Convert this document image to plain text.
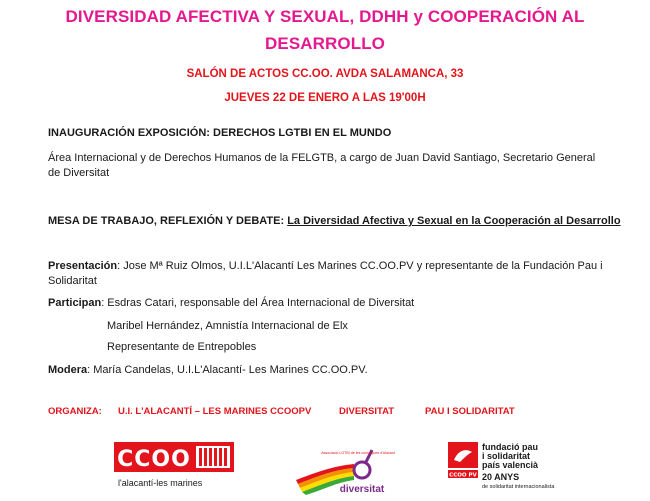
DIVERSIDAD AFECTIVA Y SEXUAL, DDHH y COOPERACIÓN AL
DESARROLLO
SALÓN DE ACTOS CC.OO. AVDA SALAMANCA, 33
JUEVES 22 DE ENERO A LAS 19'00H
INAUGURACIÓN EXPOSICIÓN: DERECHOS LGTBI EN EL MUNDO
Área Internacional y de Derechos Humanos de la FELGTB, a cargo de Juan David Santiago, Secretario General
de Diversitat
MESA DE TRABAJO, REFLEXIÓN Y DEBATE: La Diversidad Afectiva y Sexual en la Cooperación al Desarrollo
Presentación: Jose Mª Ruiz Olmos, U.I.L'Alacantí Les Marines CC.OO.PV y representante de la Fundación Pau i
Solidaritat
Participan: Esdras Catari, responsable del Área Internacional de Diversitat
Maribel Hernández, Amnistía Internacional de Elx
Representante de Entrepobles
Modera: María Candelas, U.I.L'Alacantí- Les Marines CC.OO.PV.
ORGANIZA: U.I. L'ALACANTÍ – LES MARINES CCOOPV	DIVERSITAT	PAU I SOLIDARITAT
CCOO
l'alacantí-les marines
Associació LGTBI de les comarques d'Alacant
diversitat
CCOO PV
fundació pau
i solidaritat
país valencià
20 ANYS
de solidaritat internacionalista
